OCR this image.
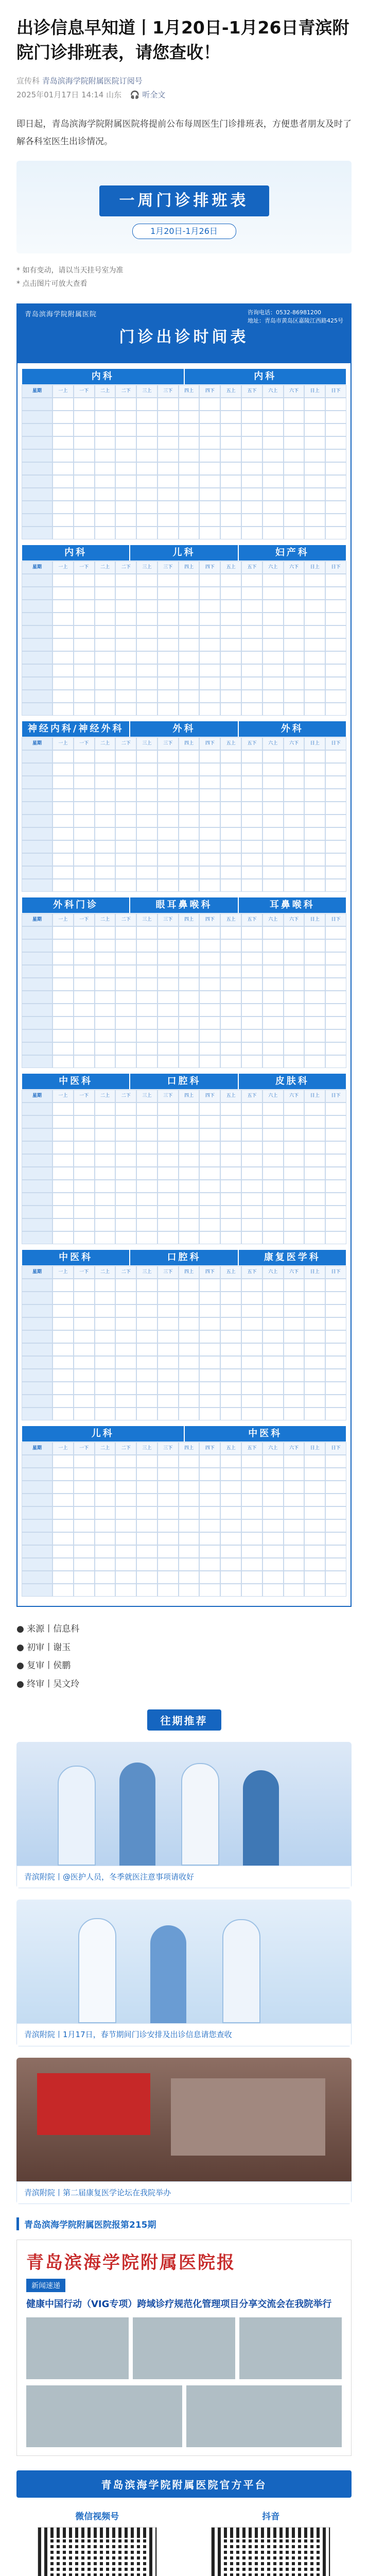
出诊信息早知道丨1月20日-1月26日青滨附院门诊排班表，请您查收！
宣传科 青岛滨海学院附属医院订阅号
2025年01月17日 14:14 山东 🎧 听全文
即日起，青岛滨海学院附属医院将提前公布每周医生门诊排班表，方便患者朋友及时了解各科室医生出诊情况。
一周门诊排班表
1月20日-1月26日
* 如有变动，请以当天挂号室为准
* 点击图片可放大查看
青岛滨海学院附属医院
门诊出诊时间表
咨询电话：0532-86981200
地址：青岛市黄岛区嘉陵江西路425号
内科	内科
星期	一上	一下	二上	二下	三上	三下	四上	四下	五上	五下	六上	六下	日上	日下
内科	儿科	妇产科
星期	一上	一下	二上	二下	三上	三下	四上	四下	五上	五下	六上	六下	日上	日下
神经内科/神经外科	外科	外科
星期	一上	一下	二上	二下	三上	三下	四上	四下	五上	五下	六上	六下	日上	日下
外科门诊	眼耳鼻喉科	耳鼻喉科
星期	一上	一下	二上	二下	三上	三下	四上	四下	五上	五下	六上	六下	日上	日下
中医科	口腔科	皮肤科
星期	一上	一下	二上	二下	三上	三下	四上	四下	五上	五下	六上	六下	日上	日下
中医科	口腔科	康复医学科
星期	一上	一下	二上	二下	三上	三下	四上	四下	五上	五下	六上	六下	日上	日下
儿科	中医科
星期	一上	一下	二上	二下	三上	三下	四上	四下	五上	五下	六上	六下	日上	日下
● 来源丨信息科
● 初审丨谢玉
● 复审丨侯鹏
● 终审丨吴文玲
往期推荐
青滨附院丨@医护人员，冬季就医注意事项请收好
青滨附院丨1月17日，春节期间门诊安排及出诊信息请您查收
青滨附院丨第二届康复医学论坛在我院举办
青岛滨海学院附属医院报第215期
青岛滨海学院附属医院报
新闻速递
健康中国行动（VIG专项）跨域诊疗规范化管理项目分享交流会在我院举行
青岛滨海学院附属医院官方平台
微信视频号	抖音
